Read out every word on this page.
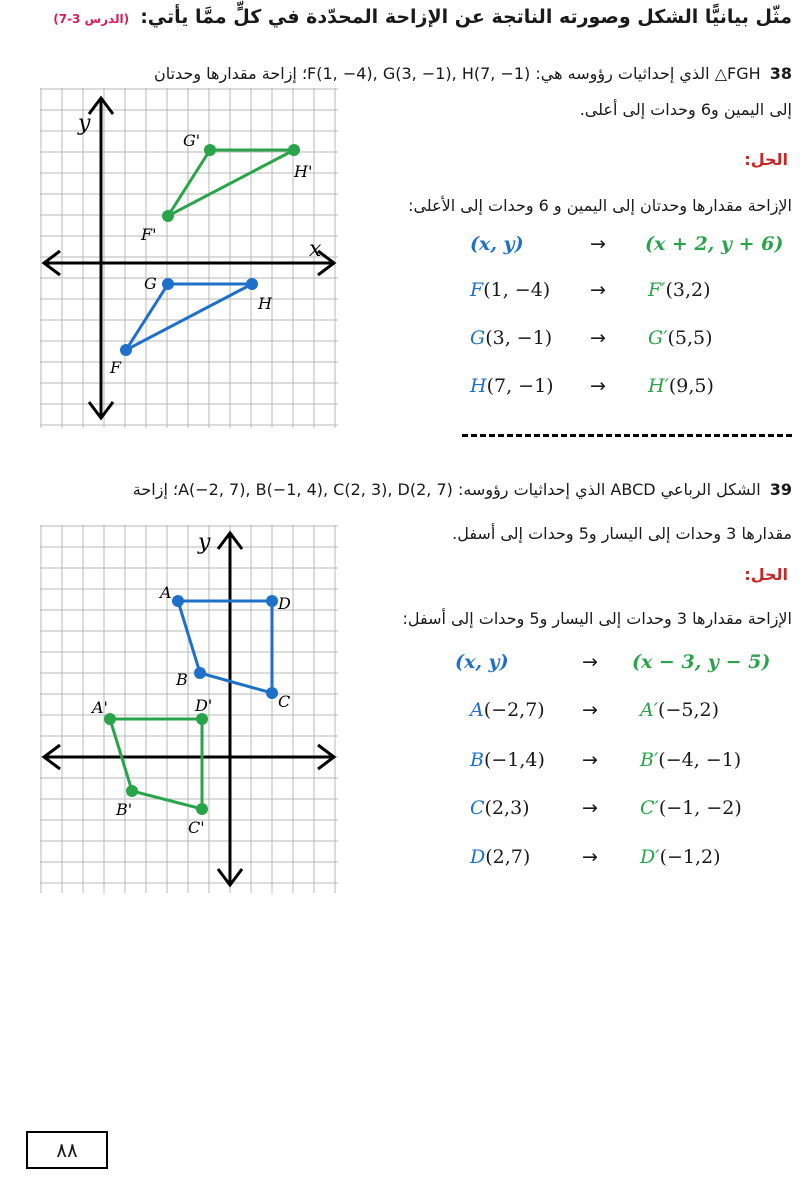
مثّل بيانيًّا الشكل وصورته الناتجة عن الإزاحة المحدّدة في كلٍّ ممَّا يأتي: (الدرس 3-7)
38 FGH△ الذي إحداثيات رؤوسه هي: F(1, −4), G(3, −1), H(7, −1)؛ إزاحة مقدارها وحدتان
إلى اليمين و6 وحدات إلى أعلى.
الحل:
الإزاحة مقدارها وحدتان إلى اليمين و 6 وحدات إلى الأعلى:
(x, y)	→ (x + 2, y + 6)
F(1, −4) → F′(3,2)
G(3, −1) → G′(5,5)
H(7, −1) → H′(9,5)
y
x
F
G
H
F'
G'
H'
39 الشكل الرباعي ABCD الذي إحداثيات رؤوسه: A(−2, 7), B(−1, 4), C(2, 3), D(2, 7)؛ إزاحة
مقدارها 3 وحدات إلى اليسار و5 وحدات إلى أسفل.
الحل:
الإزاحة مقدارها 3 وحدات إلى اليسار و5 وحدات إلى أسفل:
(x, y)	→ (x − 3, y − 5)
A(−2,7) → A′(−5,2)
B(−1,4) → B′(−4, −1)
C(2,3)	→ C′(−1, −2)
D(2,7)	→ D′(−1,2)
y
A
B
C
D
A'
B'
C'
D'
٨٨
